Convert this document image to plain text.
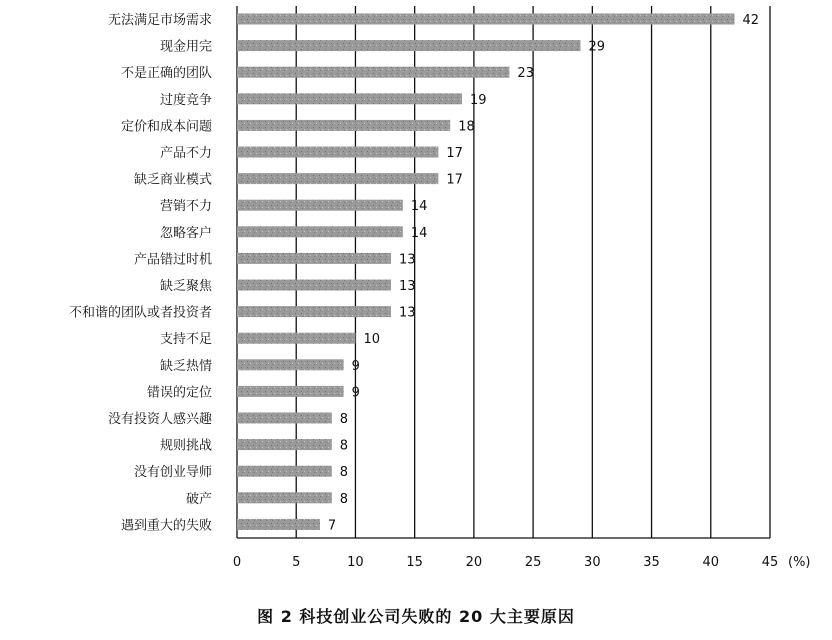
0	5	10	15	20	25	30	35	40	45 (%)
无法满足市场需求	42
现金用完	29
不是正确的团队	23
过度竞争	19
定价和成本问题	18
产品不力	17
缺乏商业模式	17
营销不力	14
忽略客户	14
产品错过时机	13
缺乏聚焦	13
不和谐的团队或者投资者	13
支持不足	10
缺乏热情	9
错误的定位	9
没有投资人感兴趣	8
规则挑战	8
没有创业导师	8
破产	8
遇到重大的失败	7
图 2 科技创业公司失败的 20 大主要原因
